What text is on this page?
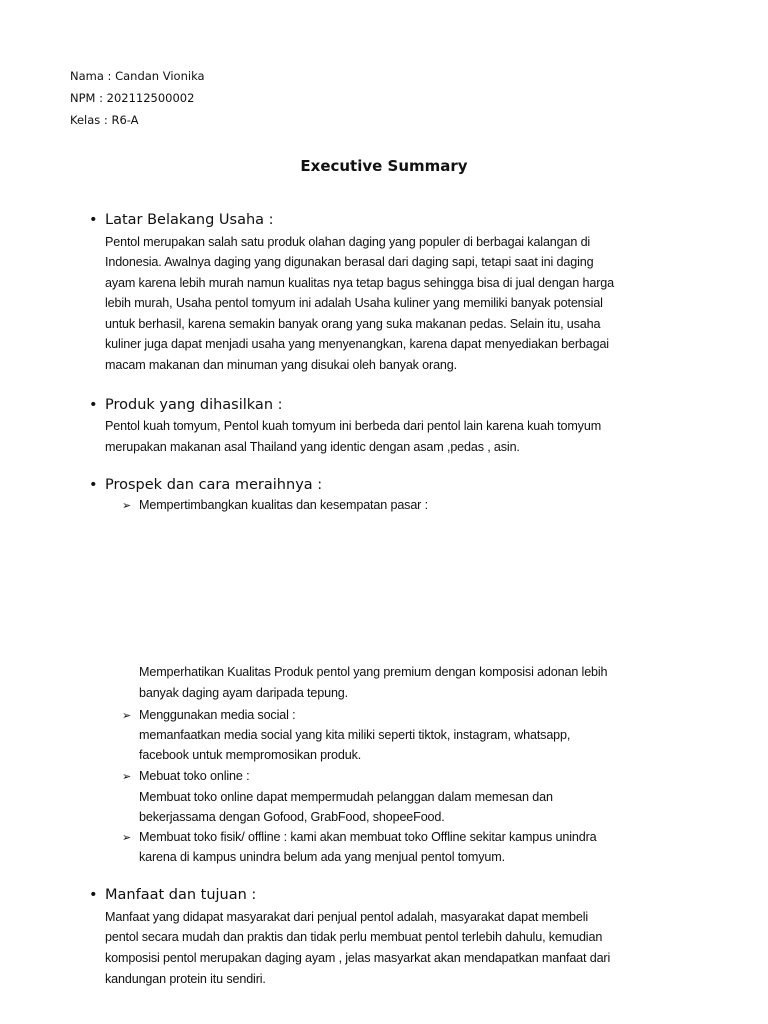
Nama : Candan Vionika
NPM : 202112500002
Kelas : R6-A
Executive Summary
• Latar Belakang Usaha :
Pentol merupakan salah satu produk olahan daging yang populer di berbagai kalangan di
Indonesia. Awalnya daging yang digunakan berasal dari daging sapi, tetapi saat ini daging
ayam karena lebih murah namun kualitas nya tetap bagus sehingga bisa di jual dengan harga
lebih murah, Usaha pentol tomyum ini adalah Usaha kuliner yang memiliki banyak potensial
untuk berhasil, karena semakin banyak orang yang suka makanan pedas. Selain itu, usaha
kuliner juga dapat menjadi usaha yang menyenangkan, karena dapat menyediakan berbagai
macam makanan dan minuman yang disukai oleh banyak orang.
• Produk yang dihasilkan :
Pentol kuah tomyum, Pentol kuah tomyum ini berbeda dari pentol lain karena kuah tomyum
merupakan makanan asal Thailand yang identic dengan asam ,pedas , asin.
• Prospek dan cara meraihnya :
➢ Mempertimbangkan kualitas dan kesempatan pasar :
Memperhatikan Kualitas Produk pentol yang premium dengan komposisi adonan lebih
banyak daging ayam daripada tepung.
➢ Menggunakan media social :
memanfaatkan media social yang kita miliki seperti tiktok, instagram, whatsapp,
facebook untuk mempromosikan produk.
➢ Mebuat toko online :
Membuat toko online dapat mempermudah pelanggan dalam memesan dan
bekerjassama dengan Gofood, GrabFood, shopeeFood.
➢ Membuat toko fisik/ offline : kami akan membuat toko Offline sekitar kampus unindra
karena di kampus unindra belum ada yang menjual pentol tomyum.
• Manfaat dan tujuan :
Manfaat yang didapat masyarakat dari penjual pentol adalah, masyarakat dapat membeli
pentol secara mudah dan praktis dan tidak perlu membuat pentol terlebih dahulu, kemudian
komposisi pentol merupakan daging ayam , jelas masyarkat akan mendapatkan manfaat dari
kandungan protein itu sendiri.
